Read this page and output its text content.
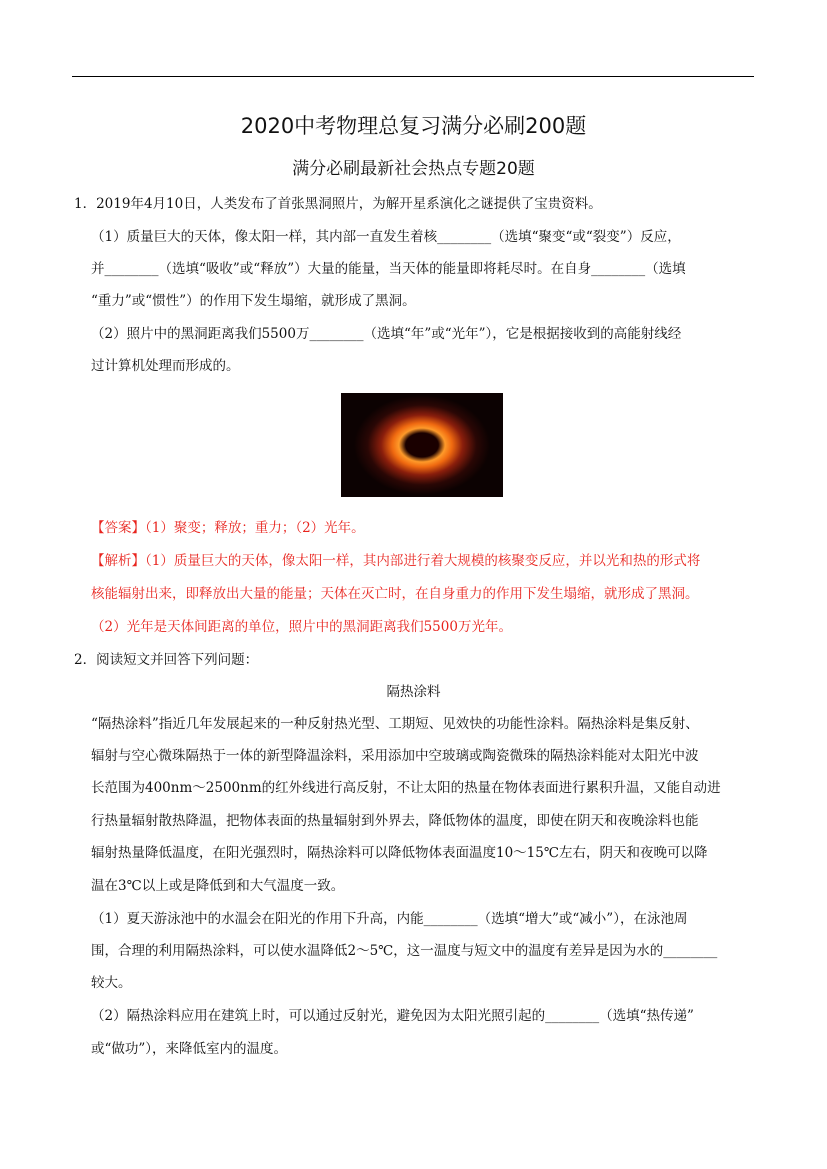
2020中考物理总复习满分必刷200题
满分必刷最新社会热点专题20题
1．2019年4月10日，人类发布了首张黑洞照片，为解开星系演化之谜提供了宝贵资料。
（1）质量巨大的天体，像太阳一样，其内部一直发生着核________（选填“聚变“或“裂变”）反应，
并________（选填“吸收”或“释放”）大量的能量，当天体的能量即将耗尽时。在自身________（选填
“重力”或“惯性”）的作用下发生塌缩，就形成了黑洞。
（2）照片中的黑洞距离我们5500万________（选填“年”或“光年”），它是根据接收到的高能射线经
过计算机处理而形成的。
【答案】（1）聚变；释放；重力；（2）光年。
【解析】（1）质量巨大的天体，像太阳一样，其内部进行着大规模的核聚变反应，并以光和热的形式将
核能辐射出来，即释放出大量的能量；天体在灭亡时，在自身重力的作用下发生塌缩，就形成了黑洞。
（2）光年是天体间距离的单位，照片中的黑洞距离我们5500万光年。
2．阅读短文并回答下列问题：
隔热涂料
“隔热涂料”指近几年发展起来的一种反射热光型、工期短、见效快的功能性涂料。隔热涂料是集反射、
辐射与空心微珠隔热于一体的新型降温涂料，采用添加中空玻璃或陶瓷微珠的隔热涂料能对太阳光中波
长范围为400nm～2500nm的红外线进行高反射，不让太阳的热量在物体表面进行累积升温，又能自动进
行热量辐射散热降温，把物体表面的热量辐射到外界去，降低物体的温度，即使在阴天和夜晚涂料也能
辐射热量降低温度，在阳光强烈时，隔热涂料可以降低物体表面温度10～15℃左右，阴天和夜晚可以降
温在3℃以上或是降低到和大气温度一致。
（1）夏天游泳池中的水温会在阳光的作用下升高，内能________（选填“增大”或“减小”），在泳池周
围，合理的利用隔热涂料，可以使水温降低2～5℃，这一温度与短文中的温度有差异是因为水的________
较大。
（2）隔热涂料应用在建筑上时，可以通过反射光，避免因为太阳光照引起的________（选填“热传递”
或“做功”），来降低室内的温度。
